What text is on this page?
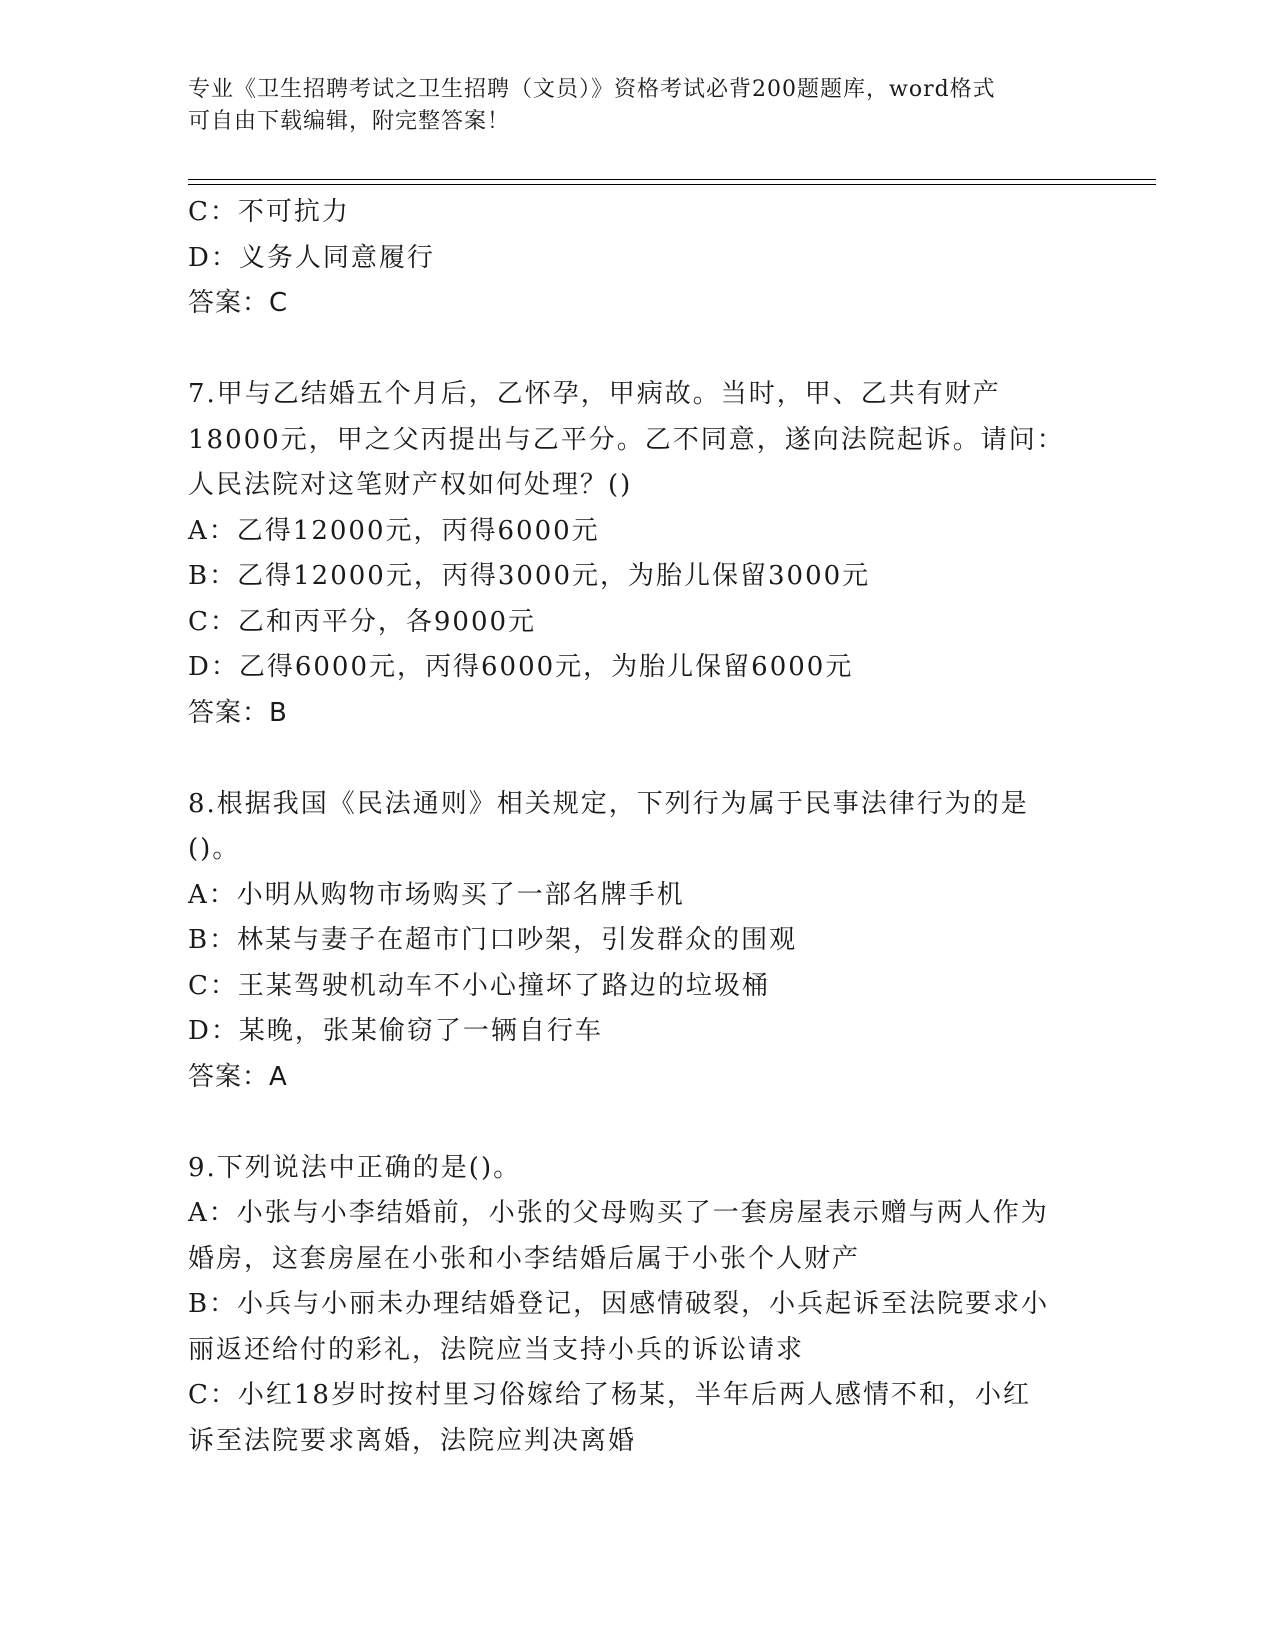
专业《卫生招聘考试之卫生招聘（文员）》资格考试必背200题题库，word格式
可自由下载编辑，附完整答案！
C：不可抗力
D：义务人同意履行
答案：C
7.甲与乙结婚五个月后，乙怀孕，甲病故。当时，甲、乙共有财产
18000元，甲之父丙提出与乙平分。乙不同意，遂向法院起诉。请问：
人民法院对这笔财产权如何处理？()
A：乙得12000元，丙得6000元
B：乙得12000元，丙得3000元，为胎儿保留3000元
C：乙和丙平分，各9000元
D：乙得6000元，丙得6000元，为胎儿保留6000元
答案：B
8.根据我国《民法通则》相关规定，下列行为属于民事法律行为的是
()。
A：小明从购物市场购买了一部名牌手机
B：林某与妻子在超市门口吵架，引发群众的围观
C：王某驾驶机动车不小心撞坏了路边的垃圾桶
D：某晚，张某偷窃了一辆自行车
答案：A
9.下列说法中正确的是()。
A：小张与小李结婚前，小张的父母购买了一套房屋表示赠与两人作为
婚房，这套房屋在小张和小李结婚后属于小张个人财产
B：小兵与小丽未办理结婚登记，因感情破裂，小兵起诉至法院要求小
丽返还给付的彩礼，法院应当支持小兵的诉讼请求
C：小红18岁时按村里习俗嫁给了杨某，半年后两人感情不和，小红
诉至法院要求离婚，法院应判决离婚
